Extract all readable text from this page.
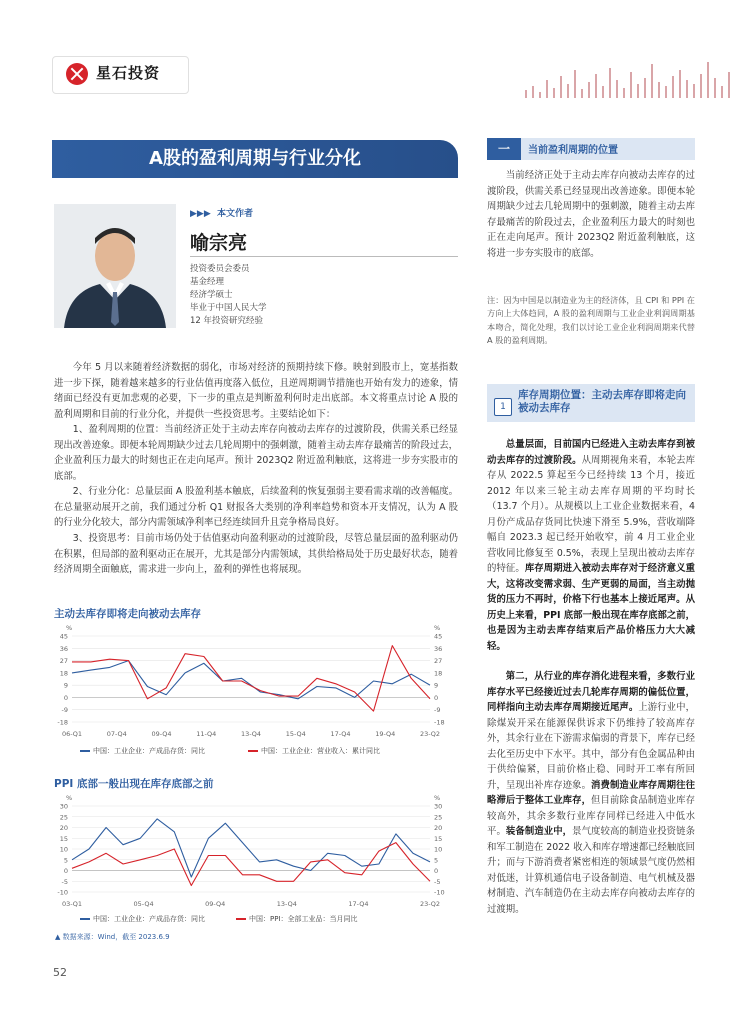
星石投资
A股的盈利周期与行业分化
▶▶▶  本文作者
喻宗亮
投资委员会委员
基金经理
经济学硕士
毕业于中国人民大学
12 年投资研究经验
今年 5 月以来随着经济数据的弱化，市场对经济的预期持续下修。映射到股市上，宽基指数进一步下探，随着越来越多的行业估值再度落入低位，且逆周期调节措施也开始有发力的迹象，情绪面已经没有更加悲观的必要，下一步的重点是判断盈利何时走出底部。本文将重点讨论 A 股的盈利周期和目前的行业分化，并提供一些投资思考。主要结论如下：
1、盈利周期的位置：当前经济正处于主动去库存向被动去库存的过渡阶段，供需关系已经显现出改善迹象。即便本轮周期缺少过去几轮周期中的强刺激，随着主动去库存最痛苦的阶段过去，企业盈利压力最大的时刻也正在走向尾声。预计 2023Q2 附近盈利触底，这将进一步夯实股市的底部。
2、行业分化：总量层面 A 股盈利基本触底，后续盈利的恢复强弱主要看需求端的改善幅度。在总量驱动展开之前，我们通过分析 Q1 财报各大类别的净利率趋势和资本开支情况，认为 A 股的行业分化较大，部分内需领域净利率已经连续回升且竞争格局良好。
3、投资思考：目前市场仍处于估值驱动向盈利驱动的过渡阶段，尽管总量层面的盈利驱动仍在积累，但局部的盈利驱动正在展开，尤其是部分内需领域，其供给格局处于历史最好状态，随着经济周期全面触底，需求进一步向上，盈利的弹性也将展现。
主动去库存即将走向被动去库存
%	%
45	45
36	36
27	27
18	18
9	9
0	0
-9	-9
-18	-18
06-Q1	07-Q4	09-Q4	11-Q4	13-Q4	15-Q4	17-Q4	19-Q4	23-Q2
中国：工业企业：产成品存货：同比	中国：工业企业：营业收入：累计同比
PPI 底部一般出现在库存底部之前
%	%
30	30
25	25
20	20
15	15
10	10
5	5
0	0
-5	-5
-10	-10
03-Q1	05-Q4	09-Q4	13-Q4	17-Q4	23-Q2
中国：工业企业：产成品存货：同比	中国：PPI：全部工业品：当月同比
▲ 数据来源：Wind，截至 2023.6.9
52
一	当前盈利周期的位置
当前经济正处于主动去库存向被动去库存的过渡阶段，供需关系已经显现出改善迹象。即便本轮周期缺少过去几轮周期中的强刺激，随着主动去库存最痛苦的阶段过去，企业盈利压力最大的时刻也正在走向尾声。预计 2023Q2 附近盈利触底，这将进一步夯实股市的底部。
注：因为中国是以制造业为主的经济体，且 CPI 和 PPI 在方向上大体趋同，A 股的盈利周期与工业企业利润周期基本吻合，简化处理，我们以讨论工业企业利润周期来代替 A 股的盈利周期。
1
库存周期位置：主动去库存即将走向被动去库存
总量层面，目前国内已经进入主动去库存到被动去库存的过渡阶段。从周期视角来看，本轮去库存从 2022.5 算起至今已经持续 13 个月，接近 2012 年以来三轮主动去库存周期的平均时长（13.7 个月）。从规模以上工业企业数据来看，4 月份产成品存货同比快速下滑至 5.9%，营收端降幅自 2023.3 起已经开始收窄，前 4 月工业企业营收同比修复至 0.5%，表现上呈现出被动去库存的特征。库存周期进入被动去库存对于经济意义重大，这将改变需求弱、生产更弱的局面，当主动抛货的压力不再时，价格下行也基本上接近尾声。从历史上来看，PPI 底部一般出现在库存底部之前，也是因为主动去库存结束后产品价格压力大大减轻。
第二，从行业的库存消化进程来看，多数行业库存水平已经接近过去几轮库存周期的偏低位置，同样指向主动去库存周期接近尾声。上游行业中，除煤炭开采在能源保供诉求下仍维持了较高库存外，其余行业在下游需求偏弱的背景下，库存已经去化至历史中下水平。其中，部分有色金属品种由于供给偏紧，目前价格止稳、同时开工率有所回升，呈现出补库存迹象。消费制造业库存周期往往略滞后于整体工业库存，但目前除食品制造业库存较高外，其余多数行业库存同样已经进入中低水平。装备制造业中，景气度较高的制造业投资链条和军工制造在 2022 收入和库存增速都已经触底回升；而与下游消费者紧密相连的领域景气度仍然相对低迷，计算机通信电子设备制造、电气机械及器材制造、汽车制造仍在主动去库存向被动去库存的过渡期。
